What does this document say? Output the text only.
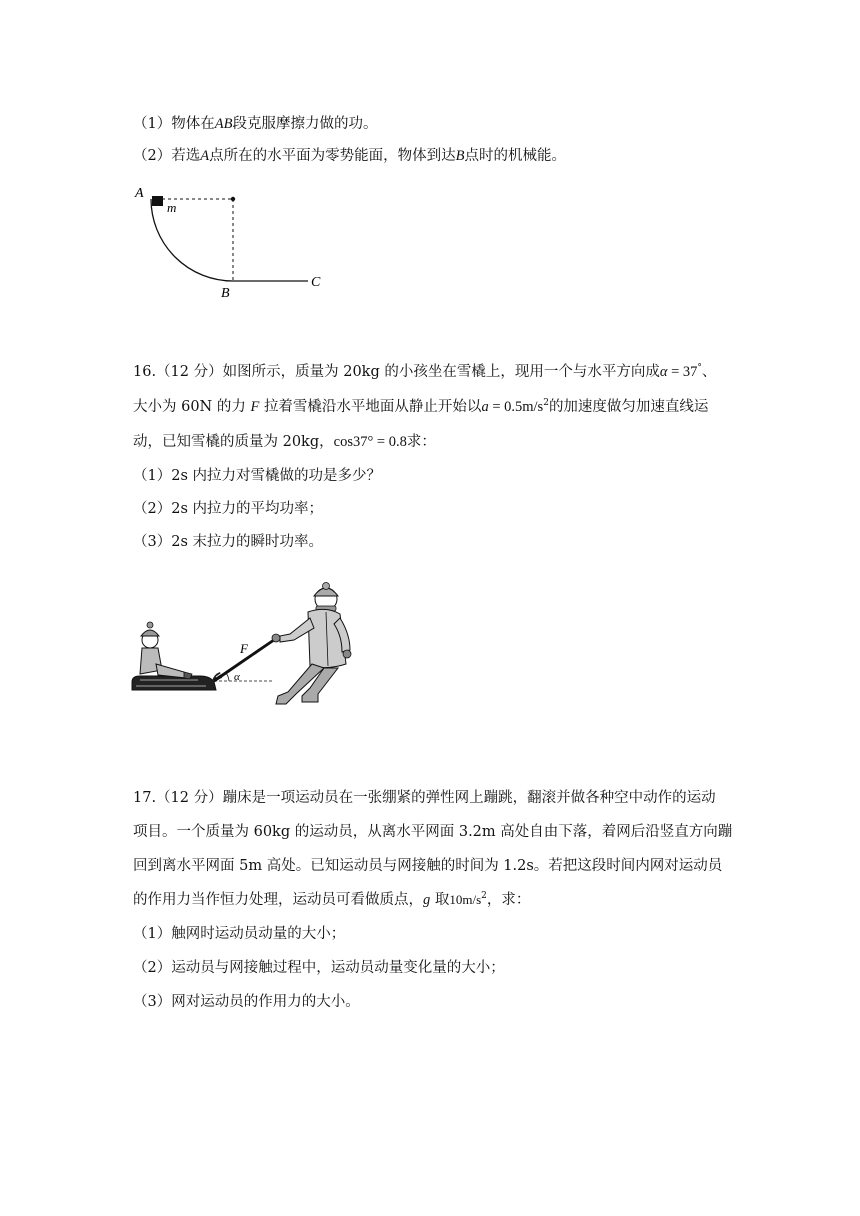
（1）物体在AB段克服摩擦力做的功。
（2）若选A点所在的水平面为零势能面，物体到达B点时的机械能。
A
m
B
C
16.（12 分）如图所示，质量为 20kg 的小孩坐在雪橇上，现用一个与水平方向成α = 37°、
大小为 60N 的力 F 拉着雪橇沿水平地面从静止开始以$a = 0.5m/s^2$的加速度做匀加速直线运
动，已知雪橇的质量为 20kg，cos37° = 0.8求：
（1）2s 内拉力对雪橇做的功是多少？
（2）2s 内拉力的平均功率；
（3）2s 末拉力的瞬时功率。
α
F
17.（12 分）蹦床是一项运动员在一张绷紧的弹性网上蹦跳，翻滚并做各种空中动作的运动
项目。一个质量为 60kg 的运动员，从离水平网面 3.2m 高处自由下落，着网后沿竖直方向蹦
回到离水平网面 5m 高处。已知运动员与网接触的时间为 1.2s。若把这段时间内网对运动员
的作用力当作恒力处理，运动员可看做质点，g 取$10m/s^2$，求：
（1）触网时运动员动量的大小；
（2）运动员与网接触过程中，运动员动量变化量的大小；
（3）网对运动员的作用力的大小。
